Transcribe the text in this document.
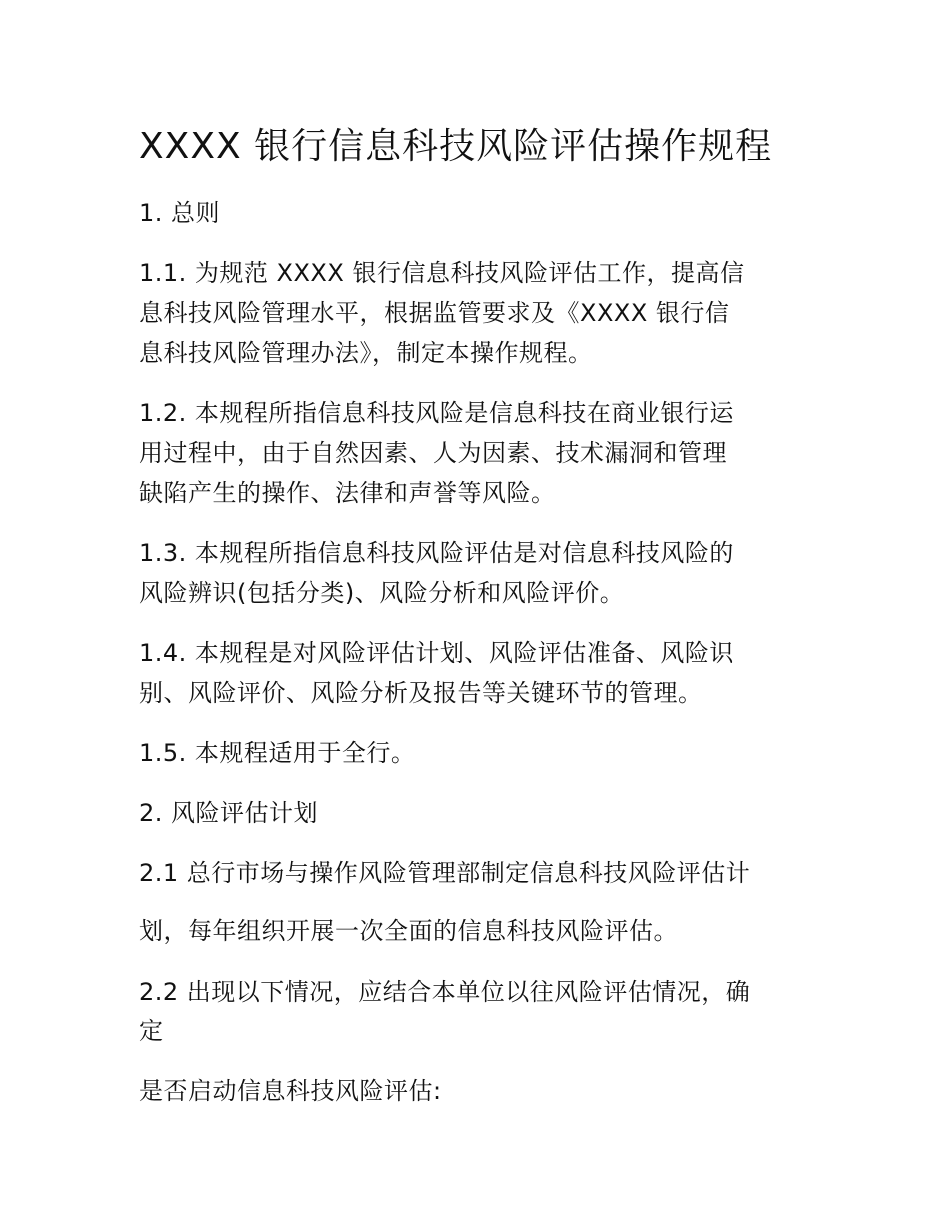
XXXX 银行信息科技风险评估操作规程
1. 总则
1.1. 为规范 XXXX 银行信息科技风险评估工作，提高信
息科技风险管理水平，根据监管要求及《XXXX 银行信
息科技风险管理办法》，制定本操作规程。
1.2. 本规程所指信息科技风险是信息科技在商业银行运
用过程中，由于自然因素、人为因素、技术漏洞和管理
缺陷产生的操作、法律和声誉等风险。
1.3. 本规程所指信息科技风险评估是对信息科技风险的
风险辨识(包括分类)、风险分析和风险评价。
1.4. 本规程是对风险评估计划、风险评估准备、风险识
别、风险评价、风险分析及报告等关键环节的管理。
1.5. 本规程适用于全行。
2. 风险评估计划
2.1 总行市场与操作风险管理部制定信息科技风险评估计
划，每年组织开展一次全面的信息科技风险评估。
2.2 出现以下情况，应结合本单位以往风险评估情况，确
定
是否启动信息科技风险评估:
